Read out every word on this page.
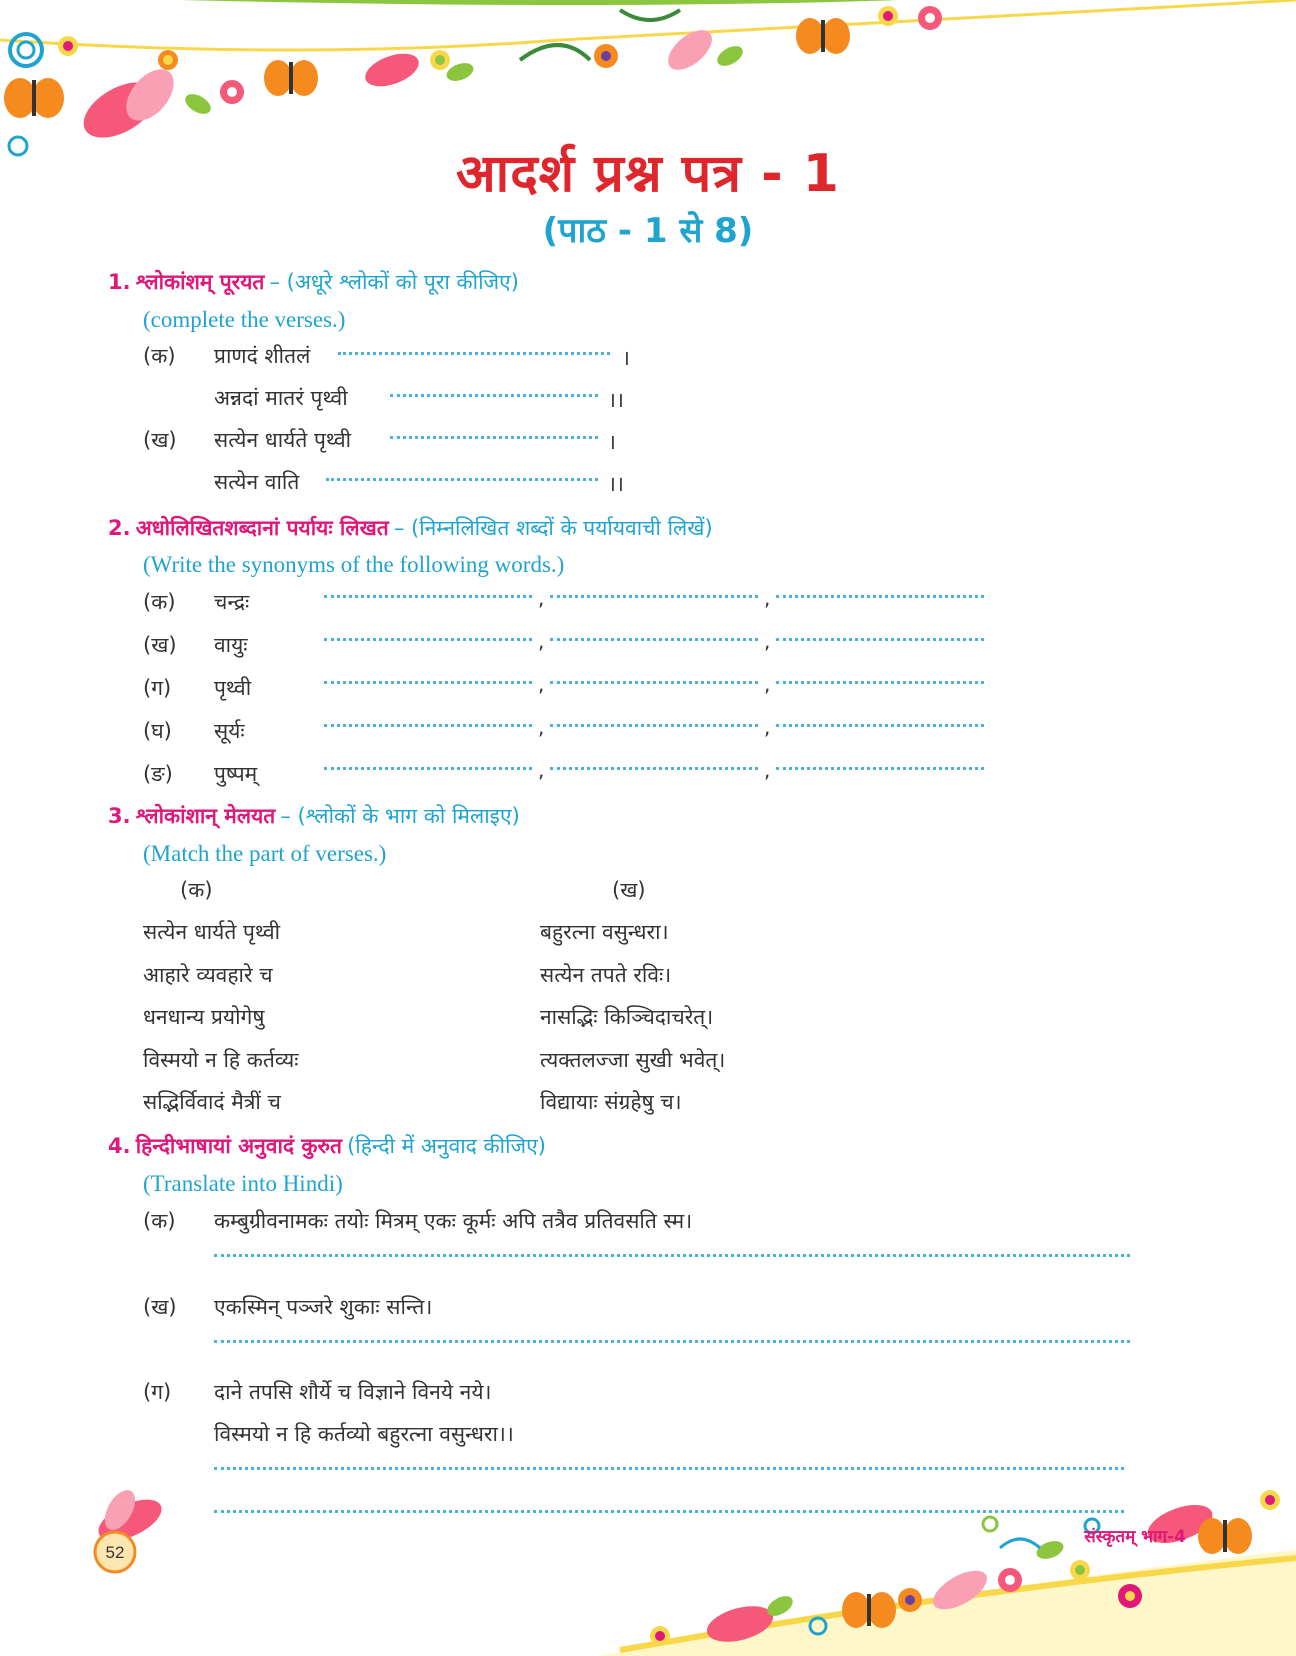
आदर्श प्रश्न पत्र - 1
(पाठ - 1 से 8)
1. श्लोकांशम् पूरयत – (अधूरे श्लोकों को पूरा कीजिए)
(complete the verses.)
(क) प्राणदं शीतलं	।
अन्नदां मातरं पृथ्वी	।।
(ख) सत्येन धार्यते पृथ्वी	।
सत्येन वाति	।।
2. अधोलिखितशब्दानां पर्यायः लिखत – (निम्नलिखित शब्दों के पर्यायवाची लिखें)
(Write the synonyms of the following words.)
(क) चन्द्रः	,	,
(ख) वायुः	,	,
(ग) पृथ्वी	,	,
(घ) सूर्यः	,	,
(ङ) पुष्पम्	,	,
3. श्लोकांशान् मेलयत – (श्लोकों के भाग को मिलाइए)
(Match the part of verses.)
(क)	(ख)
सत्येन धार्यते पृथ्वी	बहुरत्ना वसुन्धरा।
आहारे व्यवहारे च	सत्येन तपते रविः।
धनधान्य प्रयोगेषु	नासद्भिः किञ्चिदाचरेत्।
विस्मयो न हि कर्तव्यः	त्यक्तलज्जा सुखी भवेत्।
सद्भिर्विवादं मैत्रीं च	विद्यायाः संग्रहेषु च।
4. हिन्दीभाषायां अनुवादं कुरुत (हिन्दी में अनुवाद कीजिए)
(Translate into Hindi)
(क) कम्बुग्रीवनामकः तयोः मित्रम् एकः कूर्मः अपि तत्रैव प्रतिवसति स्म।
(ख) एकस्मिन् पञ्जरे शुकाः सन्ति।
(ग) दाने तपसि शौर्ये च विज्ञाने विनये नये।
विस्मयो न हि कर्तव्यो बहुरत्ना वसुन्धरा।।
52
संस्कृतम् भाग-4
